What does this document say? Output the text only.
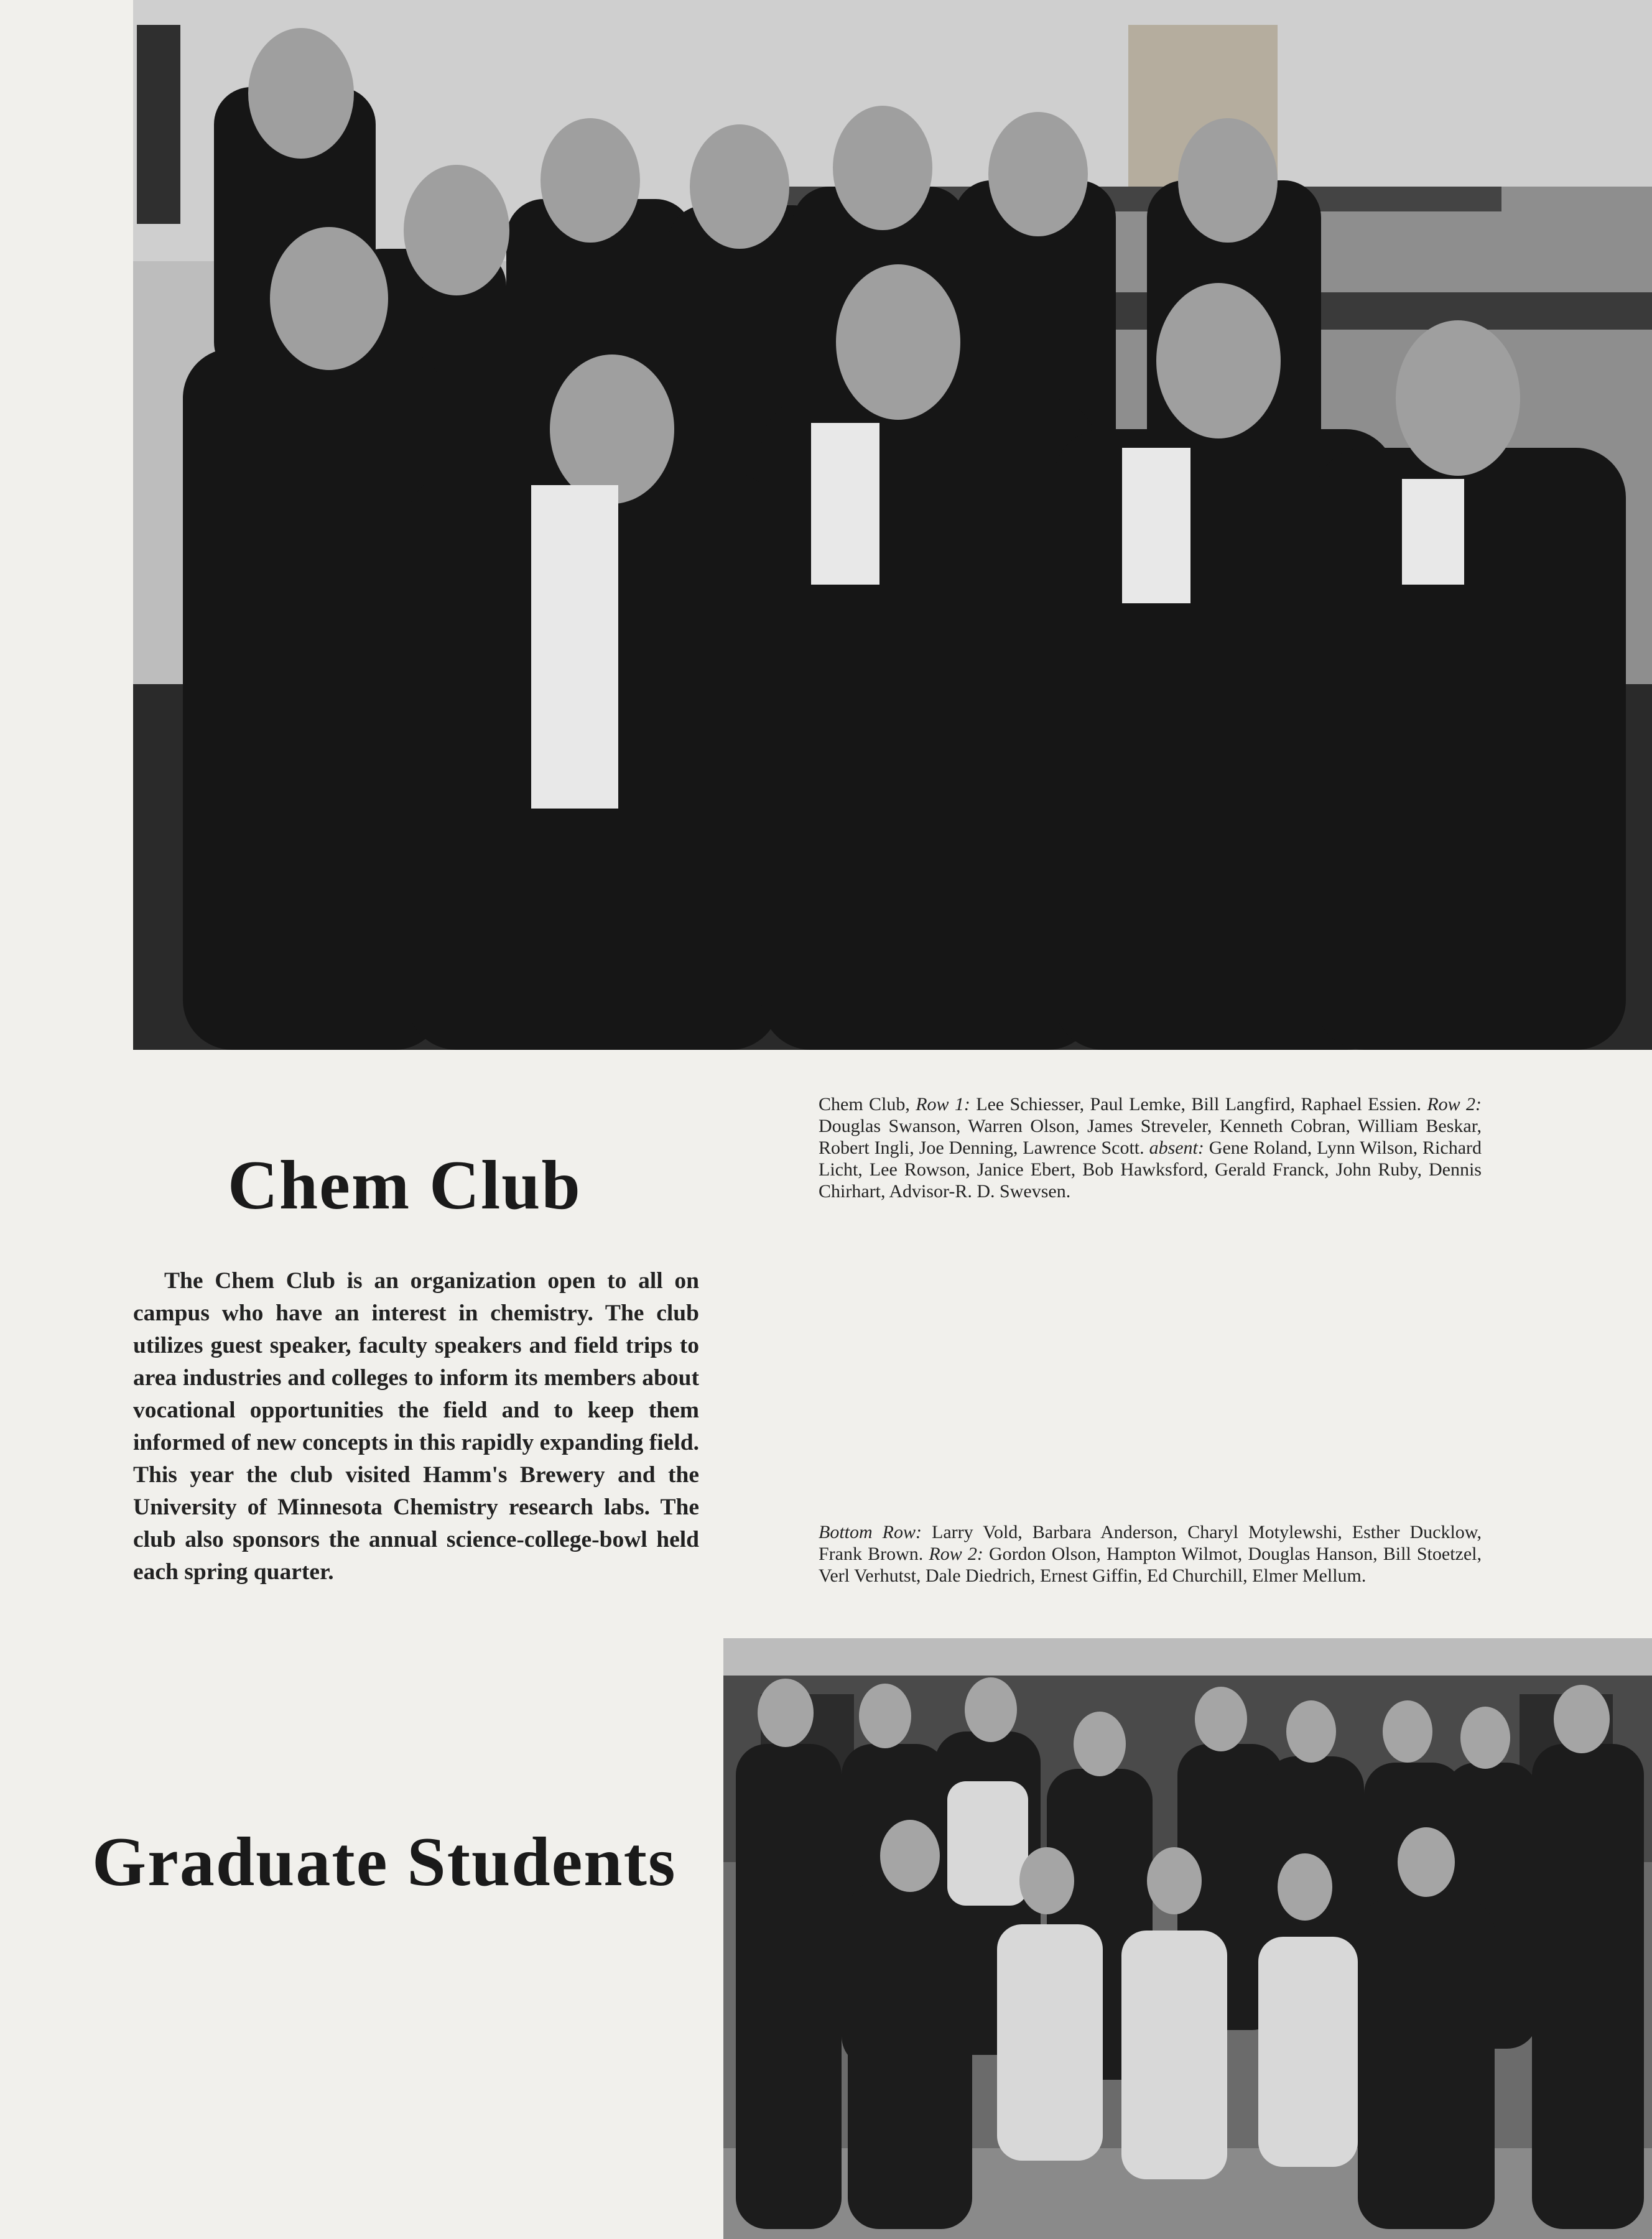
Chem Club, Row 1: Lee Schiesser, Paul Lemke, Bill Langfird, Raphael Essien. Row 2: Douglas Swanson, Warren Olson, James Streveler, Kenneth Cobran, William Beskar, Robert Ingli, Joe Denning, Lawrence Scott. absent: Gene Roland, Lynn Wilson, Richard Licht, Lee Rowson, Janice Ebert, Bob Hawksford, Gerald Franck, John Ruby, Dennis Chirhart, Advisor-R. D. Swevsen.

Chem Club

The Chem Club is an organization open to all on campus who have an interest in chemistry. The club utilizes guest speaker, faculty speakers and field trips to area industries and colleges to inform its members about vocational opportunities the field and to keep them informed of new concepts in this rapidly expanding field. This year the club visited Hamm's Brewery and the University of Minnesota Chemistry research labs. The club also sponsors the annual science-college-bowl held each spring quarter.

Bottom Row: Larry Vold, Barbara Anderson, Charyl Motylewshi, Esther Ducklow, Frank Brown. Row 2: Gordon Olson, Hampton Wilmot, Douglas Hanson, Bill Stoetzel, Verl Verhutst, Dale Diedrich, Ernest Giffin, Ed Churchill, Elmer Mellum.

Graduate Students
